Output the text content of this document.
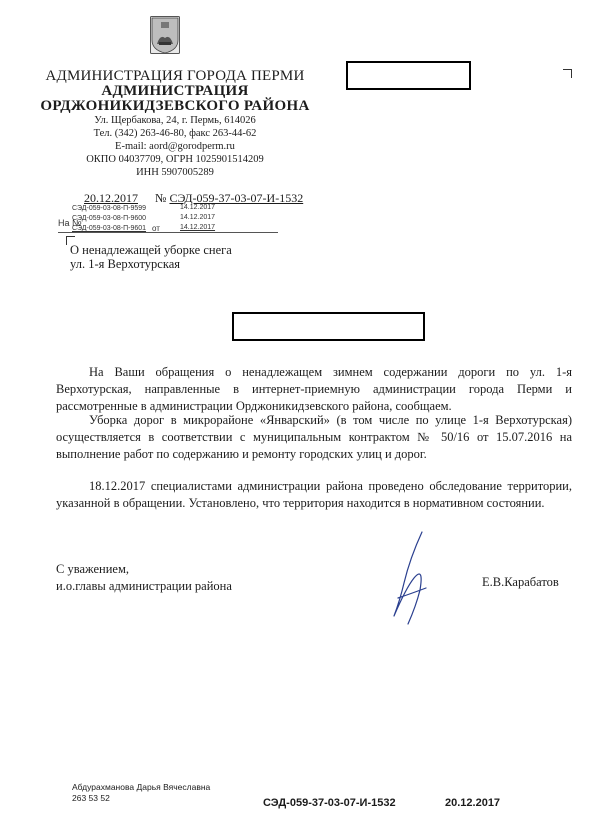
АДМИНИСТРАЦИЯ ГОРОДА ПЕРМИ
АДМИНИСТРАЦИЯ
ОРДЖОНИКИДЗЕВСКОГО РАЙОНА
Ул. Щербакова, 24, г. Пермь, 614026
Тел. (342) 263-46-80, факс 263-44-62
E-mail: aord@gorodperm.ru
ОКПО 04037709, ОГРН 1025901514209
ИНН 5907005289
20.12.2017 № СЭД-059-37-03-07-И-1532
СЭД-059-03-08-П-9599	14.12.2017
СЭД-059-03-08-П-9600	14.12.2017
На №
СЭД-059-03-08-П-9601 от	14.12.2017
О ненадлежащей уборке снега
ул. 1-я Верхотурская

На Ваши обращения о ненадлежащем зимнем содержании дороги по ул. 1-я Верхотурская, направленные в интернет-приемную администрации города Перми и рассмотренные в администрации Орджоникидзевского района, сообщаем.

Уборка дорог в микрорайоне «Январский» (в том числе по улице 1-я Верхотурская) осуществляется в соответствии с муниципальным контрактом № 50/16 от 15.07.2016 на выполнение работ по содержанию и ремонту городских улиц и дорог.

18.12.2017 специалистами администрации района проведено обследование территории, указанной в обращении. Установлено, что территория находится в нормативном состоянии.

С уважением,
и.о.главы администрации района	Е.В.Карабатов
Абдурахманова Дарья Вячеславна
263 53 52	СЭД-059-37-03-07-И-1532	20.12.2017
